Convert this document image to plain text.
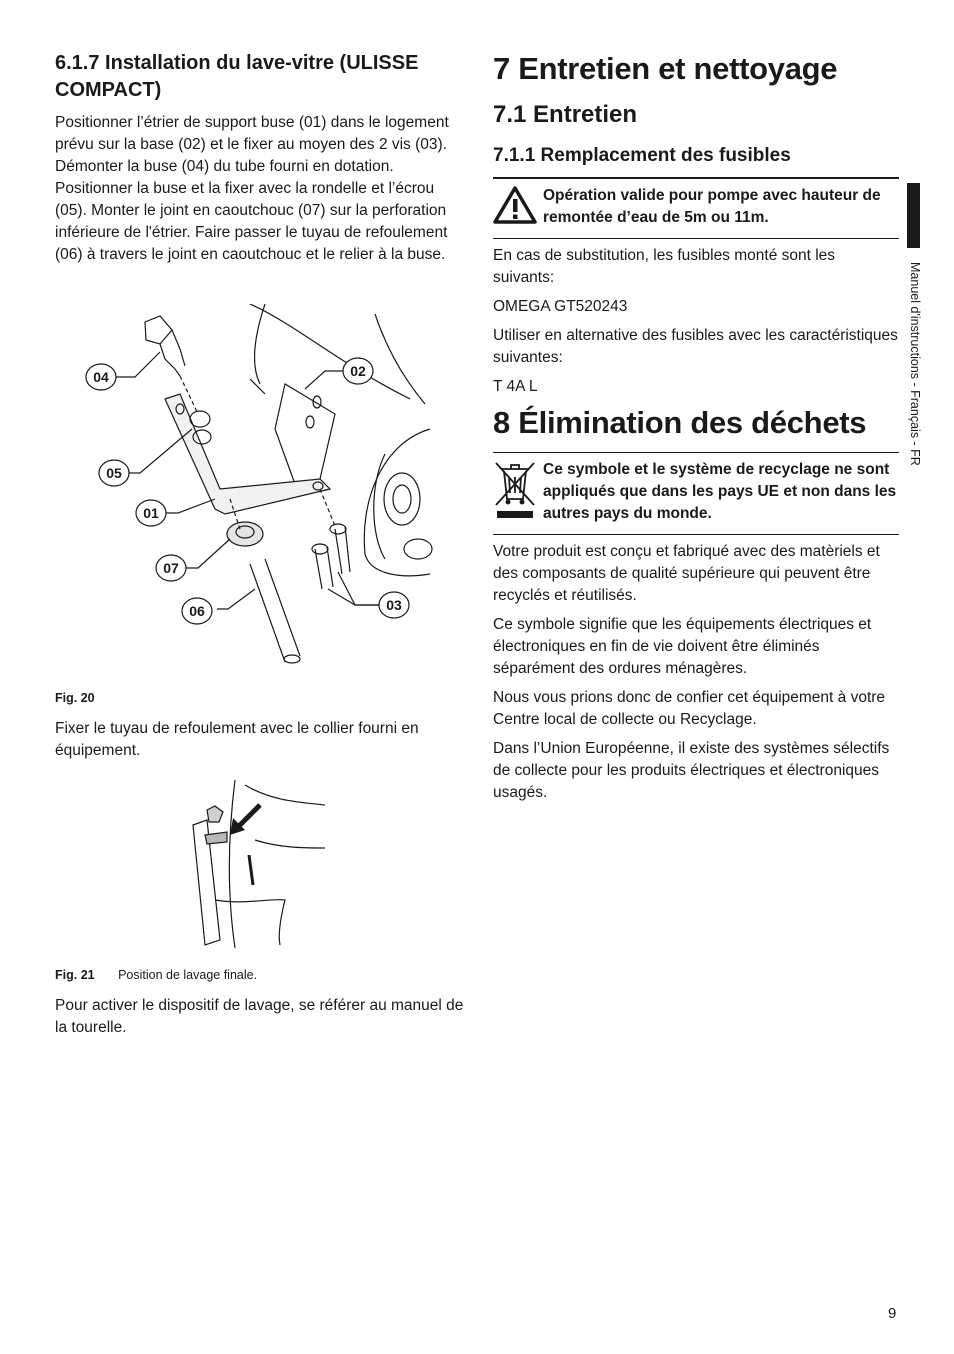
6.1.7 Installation du lave-vitre (ULISSE COMPACT)

Positionner l’étrier de support buse (01) dans le logement prévu sur la base (02) et le fixer au moyen des 2 vis (03). Démonter la buse (04) du tube fourni en dotation. Positionner la buse et la fixer avec la rondelle et l’écrou (05). Monter le joint en caoutchouc (07) sur la perforation inférieure de l'étrier. Faire passer le tuyau de refoulement (06) à travers le joint en caoutchouc et le relier à la buse.

04	02
05
01
07
06	03

Fig. 20

Fixer le tuyau de refoulement avec le collier fourni en équipement.

Fig. 21 Position de lavage finale.

Pour activer le dispositif de lavage, se référer au manuel de la tourelle.

7 Entretien et nettoyage
7.1 Entretien
7.1.1 Remplacement des fusibles
Opération valide pour pompe avec hauteur de remontée d’eau de 5m ou 11m.

En cas de substitution, les fusibles monté sont les suivants:

OMEGA GT520243

Utiliser en alternative des fusibles avec les caractéristiques suivantes:

T 4A L

8 Élimination des déchets
Ce symbole et le système de recyclage ne sont appliqués que dans les pays UE et non dans les autres pays du monde.

Votre produit est conçu et fabriqué avec des matèriels et des composants de qualité supérieure qui peuvent être recyclés et réutilisés.

Ce symbole signifie que les équipements électriques et électroniques en fin de vie doivent être éliminés séparément des ordures ménagères.

Nous vous prions donc de confier cet équipement à votre Centre local de collecte ou Recyclage.

Dans l’Union Européenne, il existe des systèmes sélectifs de collecte pour les produits électriques et électroniques usagés.

Manuel d'instructions - Français - FR
9
